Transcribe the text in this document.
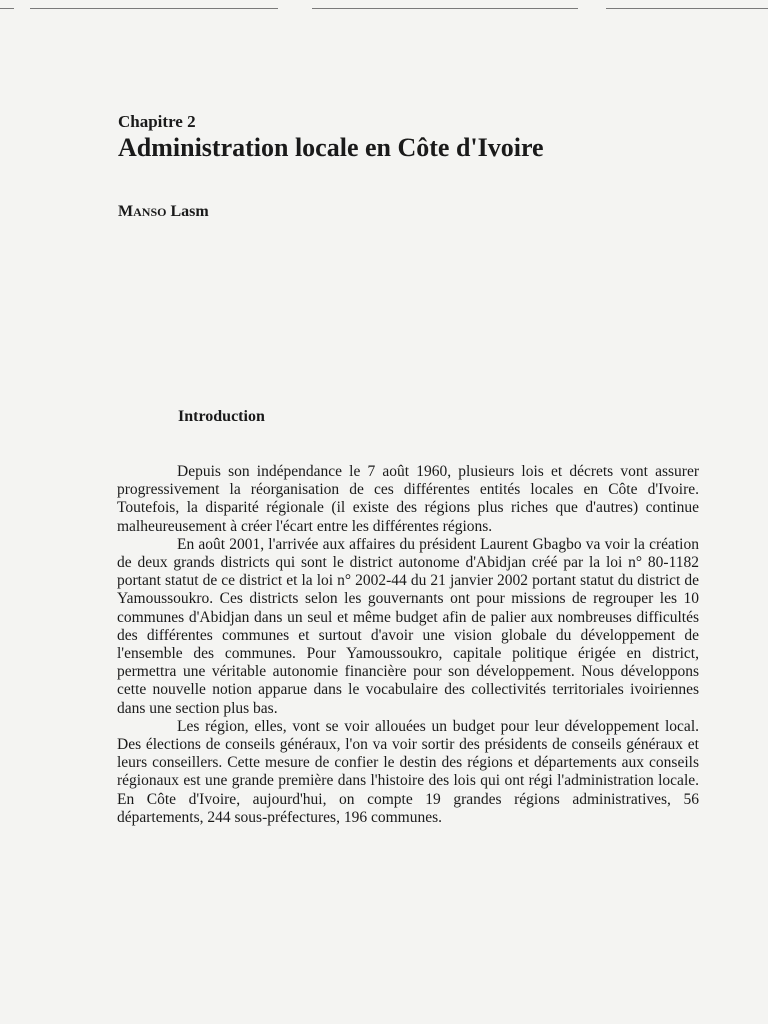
Chapitre 2
Administration locale en Côte d'Ivoire
MANSO Lasm
Introduction

Depuis son indépendance le 7 août 1960, plusieurs lois et décrets vont assurer progressivement la réorganisation de ces différentes entités locales en Côte d'Ivoire. Toutefois, la disparité régionale (il existe des régions plus riches que d'autres) continue malheureusement à créer l'écart entre les différentes régions.

En août 2001, l'arrivée aux affaires du président Laurent Gbagbo va voir la création de deux grands districts qui sont le district autonome d'Abidjan créé par la loi n° 80-1182 portant statut de ce district et la loi n° 2002-44 du 21 janvier 2002 portant statut du district de Yamoussoukro. Ces districts selon les gouvernants ont pour missions de regrouper les 10 communes d'Abidjan dans un seul et même budget afin de palier aux nombreuses difficultés des différentes communes et surtout d'avoir une vision globale du développement de l'ensemble des communes. Pour Yamoussoukro, capitale politique érigée en district, permettra une véritable autonomie financière pour son développement. Nous développons cette nouvelle notion apparue dans le vocabulaire des collectivités territoriales ivoiriennes dans une section plus bas.

Les région, elles, vont se voir allouées un budget pour leur développement local. Des élections de conseils généraux, l'on va voir sortir des présidents de conseils généraux et leurs conseillers. Cette mesure de confier le destin des régions et départements aux conseils régionaux est une grande première dans l'histoire des lois qui ont régi l'administration locale. En Côte d'Ivoire, aujourd'hui, on compte 19 grandes régions administratives, 56 départements, 244 sous-préfectures, 196 communes.
